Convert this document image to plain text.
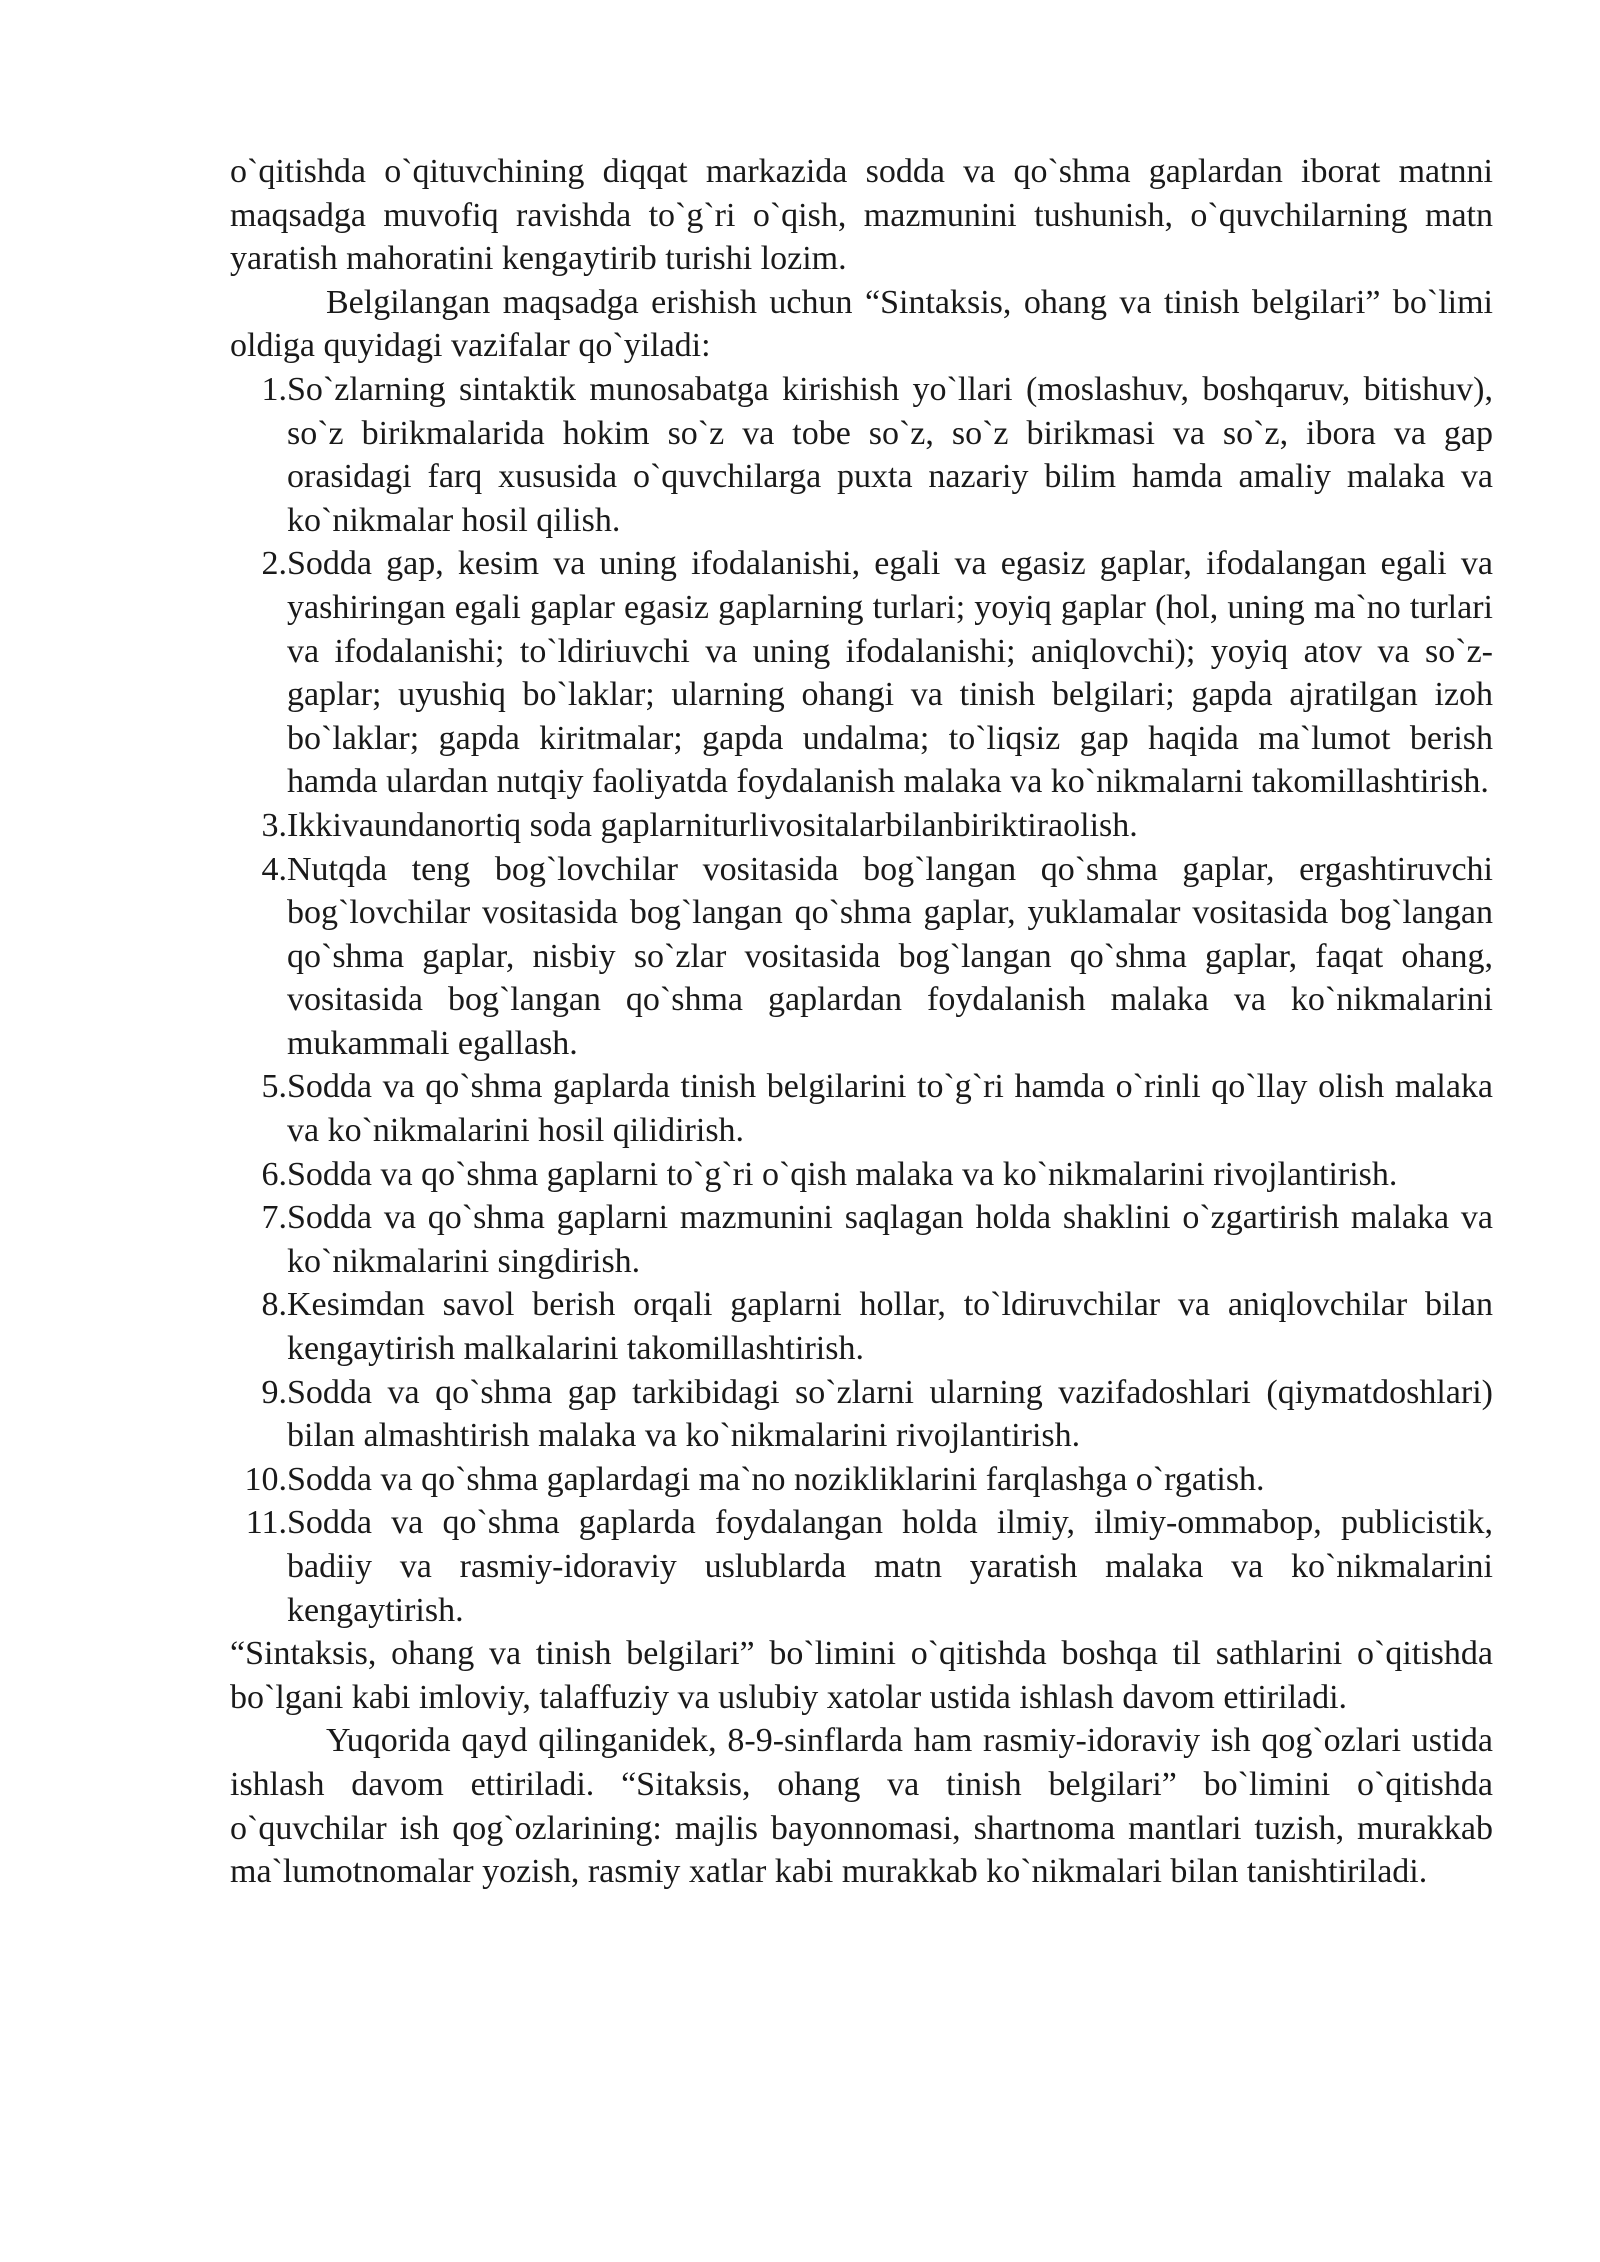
o`qitishda o`qituvchining diqqat markazida sodda va qo`shma gaplardan iborat matnni maqsadga muvofiq ravishda to`g`ri o`qish, mazmunini tushunish, o`quvchilarning matn yaratish mahoratini kengaytirib turishi lozim.

Belgilangan maqsadga erishish uchun “Sintaksis, ohang va tinish belgilari” bo`limi oldiga quyidagi vazifalar qo`yiladi:

1. So`zlarning sintaktik munosabatga kirishish yo`llari (moslashuv, boshqaruv, bitishuv), so`z birikmalarida hokim so`z va tobe so`z, so`z birikmasi va so`z, ibora va gap orasidagi farq xususida o`quvchilarga puxta nazariy bilim hamda amaliy malaka va ko`nikmalar hosil qilish.
2. Sodda gap, kesim va uning ifodalanishi, egali va egasiz gaplar, ifodalangan egali va yashiringan egali gaplar egasiz gaplarning turlari; yoyiq gaplar (hol, uning ma`no turlari va ifodalanishi; to`ldiriuvchi va uning ifodalanishi; aniqlovchi); yoyiq atov va so`z-gaplar; uyushiq bo`laklar; ularning ohangi va tinish belgilari; gapda ajratilgan izoh bo`laklar; gapda kiritmalar; gapda undalma; to`liqsiz gap haqida ma`lumot berish hamda ulardan nutqiy faoliyatda foydalanish malaka va ko`nikmalarni takomillashtirish.
3. Ikkivaundanortiq soda gaplarniturlivositalarbilanbiriktiraolish.
4. Nutqda teng bog`lovchilar vositasida bog`langan qo`shma gaplar, ergashtiruvchi bog`lovchilar vositasida bog`langan qo`shma gaplar, yuklamalar vositasida bog`langan qo`shma gaplar, nisbiy so`zlar vositasida bog`langan qo`shma gaplar, faqat ohang, vositasida bog`langan qo`shma gaplardan foydalanish malaka va ko`nikmalarini mukammali egallash.
5. Sodda va qo`shma gaplarda tinish belgilarini to`g`ri hamda o`rinli qo`llay olish malaka va ko`nikmalarini hosil qilidirish.
6. Sodda va qo`shma gaplarni to`g`ri o`qish malaka va ko`nikmalarini rivojlantirish.
7. Sodda va qo`shma gaplarni mazmunini saqlagan holda shaklini o`zgartirish malaka va ko`nikmalarini singdirish.
8. Kesimdan savol berish orqali gaplarni hollar, to`ldiruvchilar va aniqlovchilar bilan kengaytirish malkalarini takomillashtirish.
9. Sodda va qo`shma gap tarkibidagi so`zlarni ularning vazifadoshlari (qiymatdoshlari) bilan almashtirish malaka va ko`nikmalarini rivojlantirish.
10. Sodda va qo`shma gaplardagi ma`no nozikliklarini farqlashga o`rgatish.
11. Sodda va qo`shma gaplarda foydalangan holda ilmiy, ilmiy-ommabop, publicistik, badiiy va rasmiy-idoraviy uslublarda matn yaratish malaka va ko`nikmalarini kengaytirish.

“Sintaksis, ohang va tinish belgilari” bo`limini o`qitishda boshqa til sathlarini o`qitishda bo`lgani kabi imloviy, talaffuziy va uslubiy xatolar ustida ishlash davom ettiriladi.

Yuqorida qayd qilinganidek, 8-9-sinflarda ham rasmiy-idoraviy ish qog`ozlari ustida ishlash davom ettiriladi. “Sitaksis, ohang va tinish belgilari” bo`limini o`qitishda o`quvchilar ish qog`ozlarining: majlis bayonnomasi, shartnoma mantlari tuzish, murakkab ma`lumotnomalar yozish, rasmiy xatlar kabi murakkab ko`nikmalari bilan tanishtiriladi.
